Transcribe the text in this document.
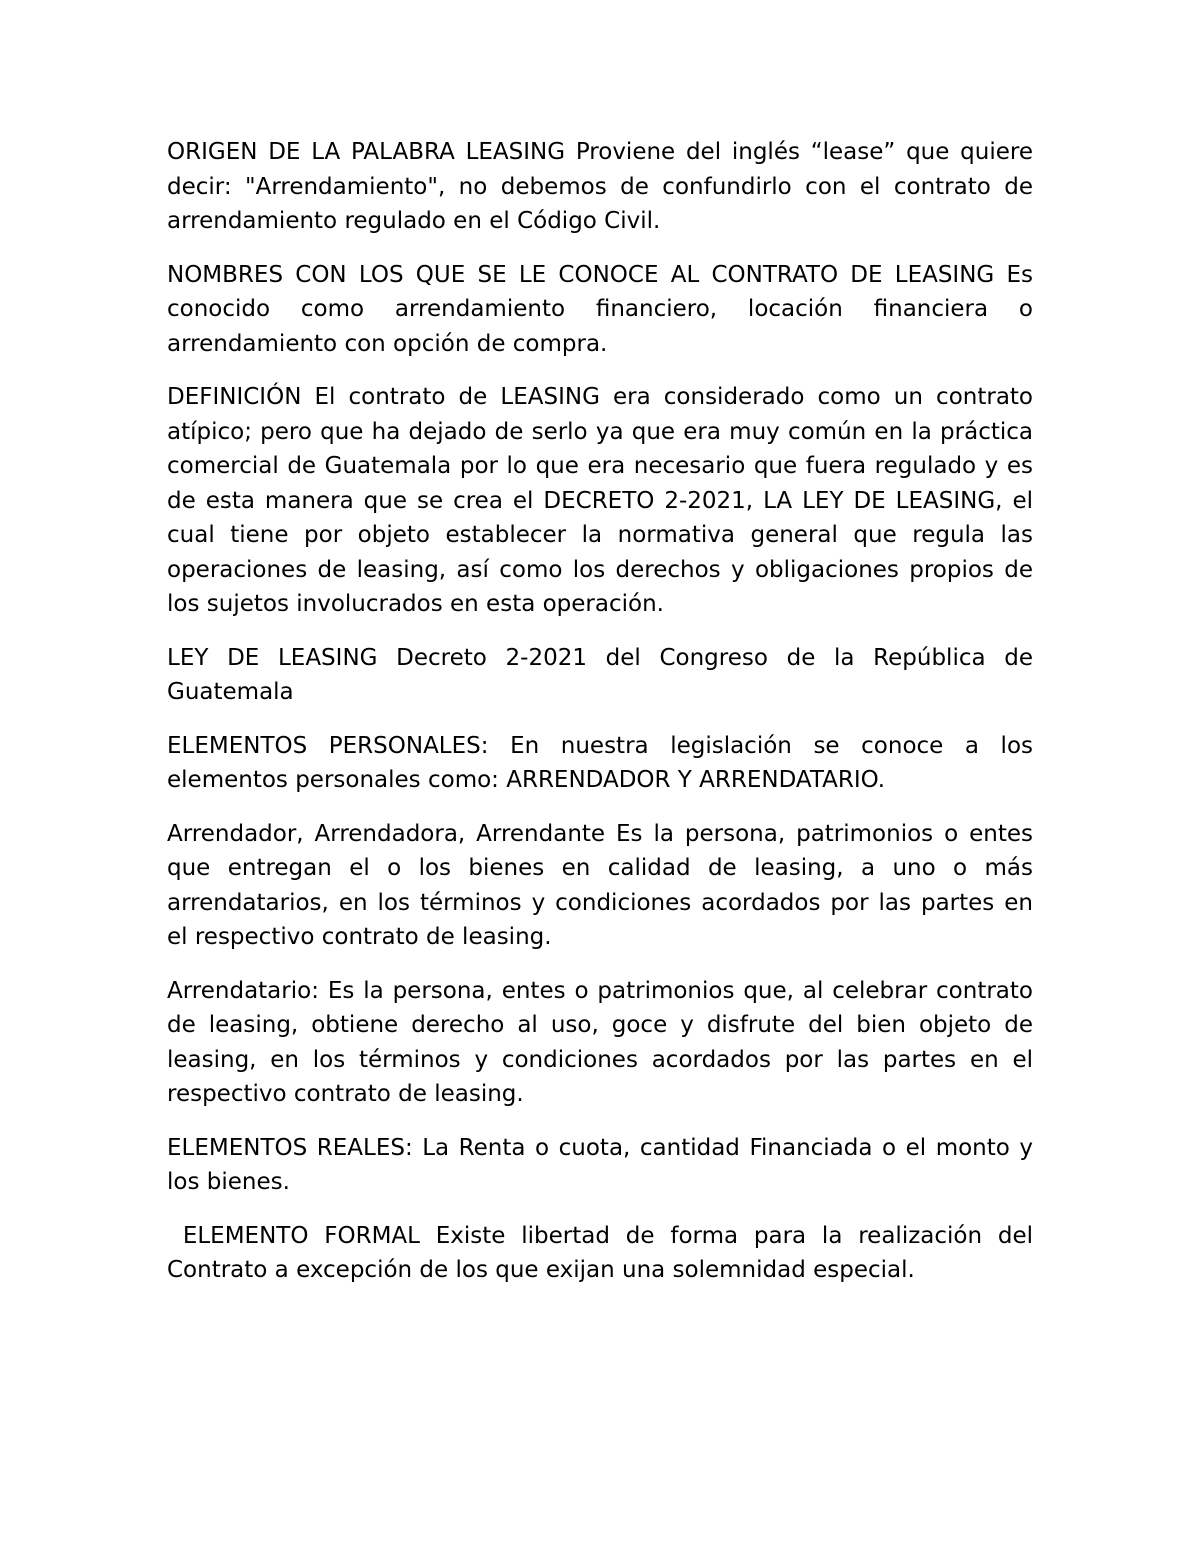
ORIGEN DE LA PALABRA LEASING Proviene del inglés “lease” que quiere decir: "Arrendamiento", no debemos de confundirlo con el contrato de arrendamiento regulado en el Código Civil.

NOMBRES CON LOS QUE SE LE CONOCE AL CONTRATO DE LEASING Es conocido como arrendamiento financiero, locación financiera o arrendamiento con opción de compra.

DEFINICIÓN El contrato de LEASING era considerado como un contrato atípico; pero que ha dejado de serlo ya que era muy común en la práctica comercial de Guatemala por lo que era necesario que fuera regulado y es de esta manera que se crea el DECRETO 2-2021, LA LEY DE LEASING, el cual tiene por objeto establecer la normativa general que regula las operaciones de leasing, así como los derechos y obligaciones propios de los sujetos involucrados en esta operación.

LEY DE LEASING Decreto 2-2021 del Congreso de la República de Guatemala

ELEMENTOS PERSONALES: En nuestra legislación se conoce a los elementos personales como: ARRENDADOR Y ARRENDATARIO.

Arrendador, Arrendadora, Arrendante Es la persona, patrimonios o entes que entregan el o los bienes en calidad de leasing, a uno o más arrendatarios, en los términos y condiciones acordados por las partes en el respectivo contrato de leasing.

Arrendatario: Es la persona, entes o patrimonios que, al celebrar contrato de leasing, obtiene derecho al uso, goce y disfrute del bien objeto de leasing, en los términos y condiciones acordados por las partes en el respectivo contrato de leasing.

ELEMENTOS REALES: La Renta o cuota, cantidad Financiada o el monto y los bienes.

ELEMENTO FORMAL Existe libertad de forma para la realización del Contrato a excepción de los que exijan una solemnidad especial.
